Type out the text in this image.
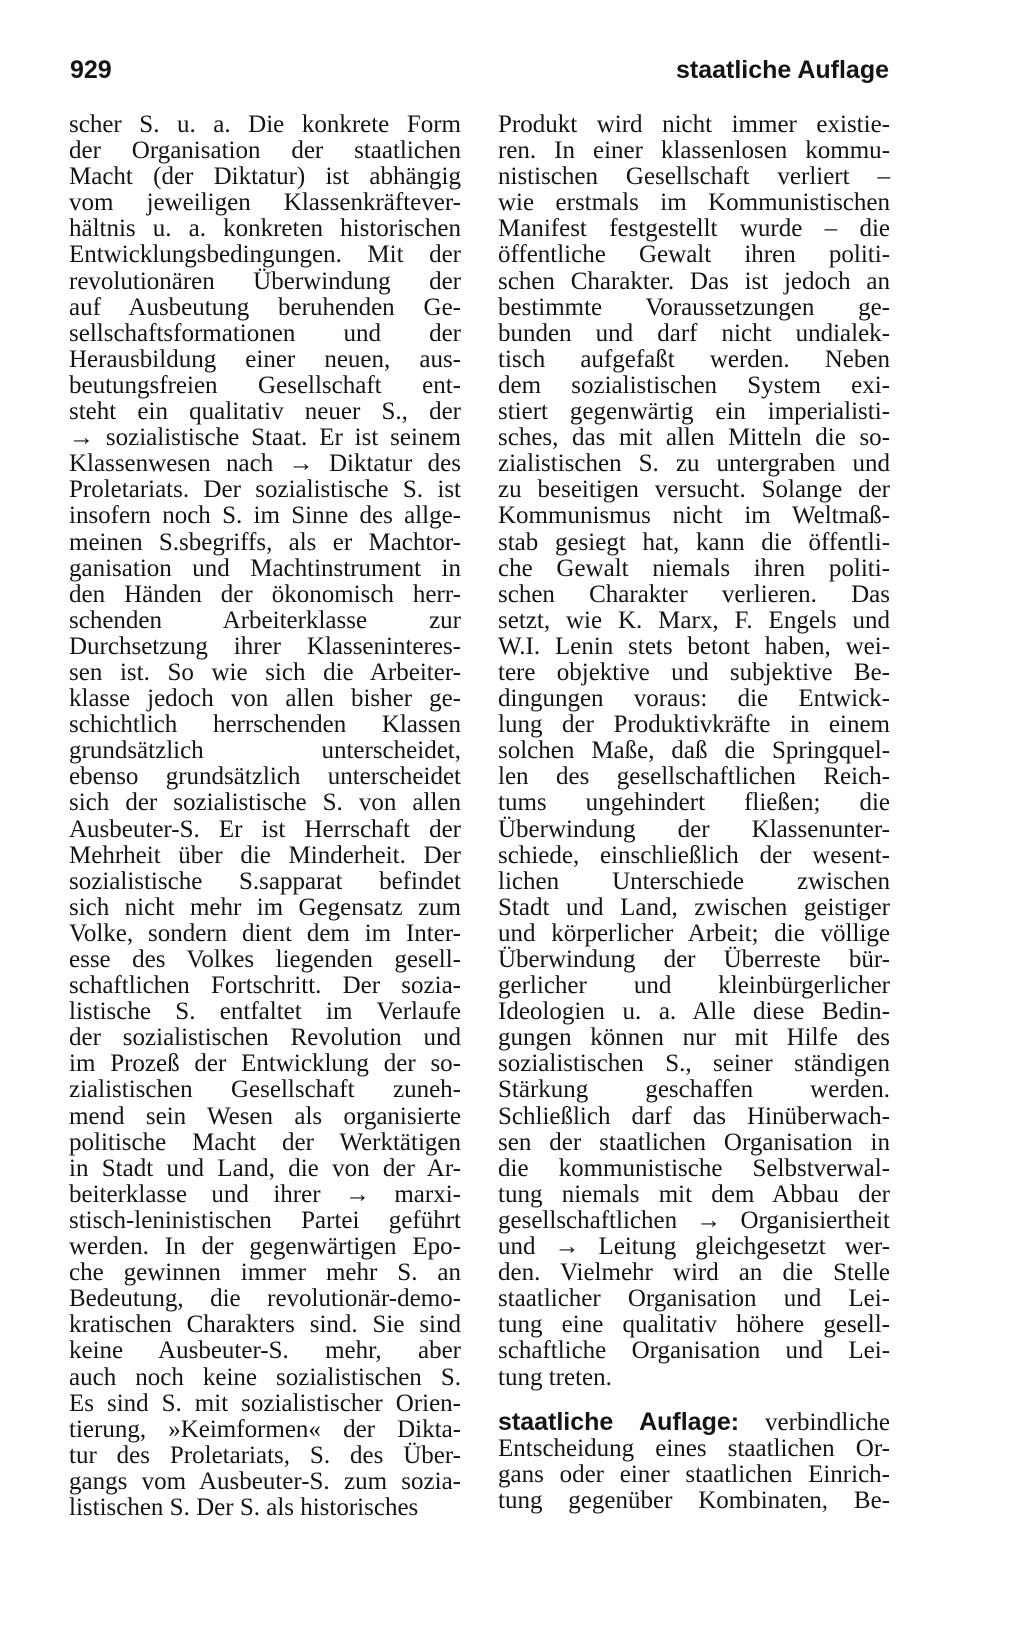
929	staatliche Auflage
scher S. u. a. Die konkrete Form
der Organisation der staatlichen
Macht (der Diktatur) ist abhängig
vom jeweiligen Klassenkräftever-
hältnis u. a. konkreten historischen
Entwicklungsbedingungen. Mit der
revolutionären Überwindung der
auf Ausbeutung beruhenden Ge-
sellschaftsformationen und der
Herausbildung einer neuen, aus-
beutungsfreien Gesellschaft ent-
steht ein qualitativ neuer S., der
→ sozialistische Staat. Er ist seinem
Klassenwesen nach → Diktatur des
Proletariats. Der sozialistische S. ist
insofern noch S. im Sinne des allge-
meinen S.sbegriffs, als er Machtor-
ganisation und Machtinstrument in
den Händen der ökonomisch herr-
schenden Arbeiterklasse zur
Durchsetzung ihrer Klasseninteres-
sen ist. So wie sich die Arbeiter-
klasse jedoch von allen bisher ge-
schichtlich herrschenden Klassen
grundsätzlich unterscheidet,
ebenso grundsätzlich unterscheidet
sich der sozialistische S. von allen
Ausbeuter-S. Er ist Herrschaft der
Mehrheit über die Minderheit. Der
sozialistische S.sapparat befindet
sich nicht mehr im Gegensatz zum
Volke, sondern dient dem im Inter-
esse des Volkes liegenden gesell-
schaftlichen Fortschritt. Der sozia-
listische S. entfaltet im Verlaufe
der sozialistischen Revolution und
im Prozeß der Entwicklung der so-
zialistischen Gesellschaft zuneh-
mend sein Wesen als organisierte
politische Macht der Werktätigen
in Stadt und Land, die von der Ar-
beiterklasse und ihrer → marxi-
stisch-leninistischen Partei geführt
werden. In der gegenwärtigen Epo-
che gewinnen immer mehr S. an
Bedeutung, die revolutionär-demo-
kratischen Charakters sind. Sie sind
keine Ausbeuter-S. mehr, aber
auch noch keine sozialistischen S.
Es sind S. mit sozialistischer Orien-
tierung, »Keimformen« der Dikta-
tur des Proletariats, S. des Über-
gangs vom Ausbeuter-S. zum sozia-
listischen S. Der S. als historisches
Produkt wird nicht immer existie-
ren. In einer klassenlosen kommu-
nistischen Gesellschaft verliert –
wie erstmals im Kommunistischen
Manifest festgestellt wurde – die
öffentliche Gewalt ihren politi-
schen Charakter. Das ist jedoch an
bestimmte Voraussetzungen ge-
bunden und darf nicht undialek-
tisch aufgefaßt werden. Neben
dem sozialistischen System exi-
stiert gegenwärtig ein imperialisti-
sches, das mit allen Mitteln die so-
zialistischen S. zu untergraben und
zu beseitigen versucht. Solange der
Kommunismus nicht im Weltmaß-
stab gesiegt hat, kann die öffentli-
che Gewalt niemals ihren politi-
schen Charakter verlieren. Das
setzt, wie K. Marx, F. Engels und
W.I. Lenin stets betont haben, wei-
tere objektive und subjektive Be-
dingungen voraus: die Entwick-
lung der Produktivkräfte in einem
solchen Maße, daß die Springquel-
len des gesellschaftlichen Reich-
tums ungehindert fließen; die
Überwindung der Klassenunter-
schiede, einschließlich der wesent-
lichen Unterschiede zwischen
Stadt und Land, zwischen geistiger
und körperlicher Arbeit; die völlige
Überwindung der Überreste bür-
gerlicher und kleinbürgerlicher
Ideologien u. a. Alle diese Bedin-
gungen können nur mit Hilfe des
sozialistischen S., seiner ständigen
Stärkung geschaffen werden.
Schließlich darf das Hinüberwach-
sen der staatlichen Organisation in
die kommunistische Selbstverwal-
tung niemals mit dem Abbau der
gesellschaftlichen → Organisiertheit
und → Leitung gleichgesetzt wer-
den. Vielmehr wird an die Stelle
staatlicher Organisation und Lei-
tung eine qualitativ höhere gesell-
schaftliche Organisation und Lei-
tung treten.
staatliche Auflage: verbindliche
Entscheidung eines staatlichen Or-
gans oder einer staatlichen Einrich-
tung gegenüber Kombinaten, Be-
